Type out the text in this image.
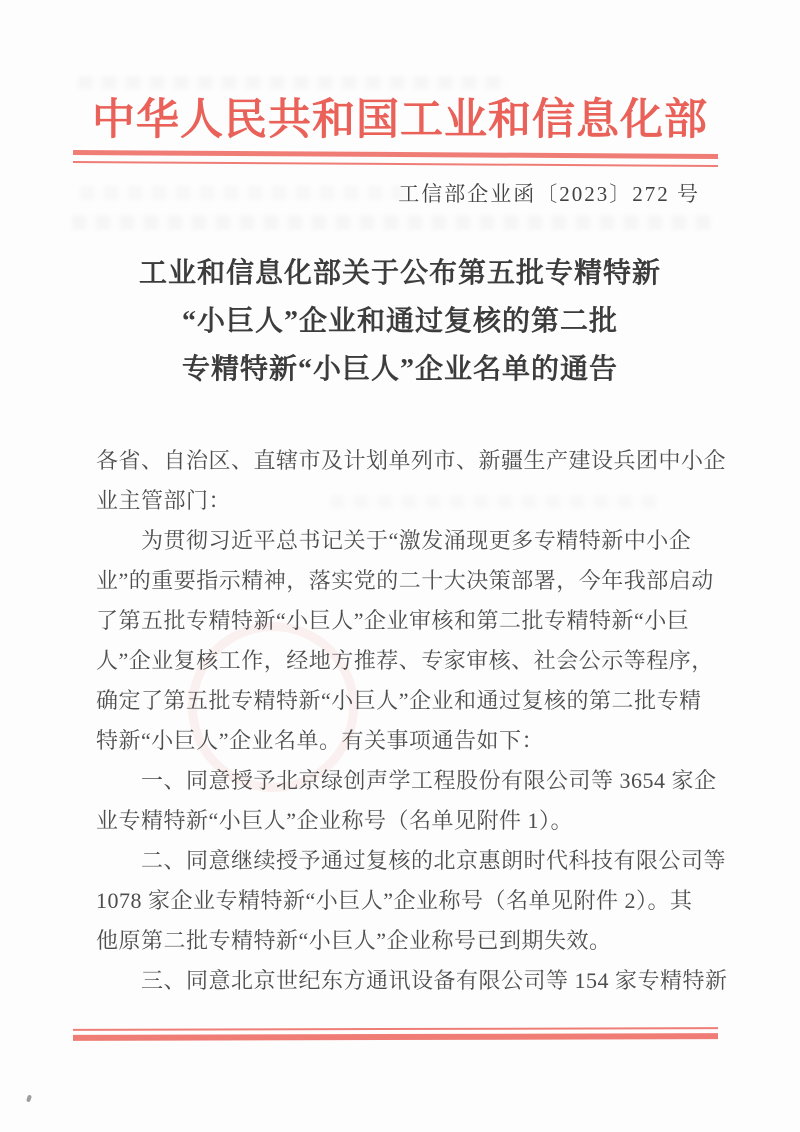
中华人民共和国工业和信息化部
工信部企业函〔2023〕272 号
工业和信息化部关于公布第五批专精特新
“小巨人”企业和通过复核的第二批
专精特新“小巨人”企业名单的通告
各省、自治区、直辖市及计划单列市、新疆生产建设兵团中小企
业主管部门：
为贯彻习近平总书记关于“激发涌现更多专精特新中小企
业”的重要指示精神，落实党的二十大决策部署，今年我部启动
了第五批专精特新“小巨人”企业审核和第二批专精特新“小巨
人”企业复核工作，经地方推荐、专家审核、社会公示等程序，
确定了第五批专精特新“小巨人”企业和通过复核的第二批专精
特新“小巨人”企业名单。有关事项通告如下：
一、同意授予北京绿创声学工程股份有限公司等 3654 家企
业专精特新“小巨人”企业称号（名单见附件 1）。
二、同意继续授予通过复核的北京惠朗时代科技有限公司等
1078 家企业专精特新“小巨人”企业称号（名单见附件 2）。其
他原第二批专精特新“小巨人”企业称号已到期失效。
三、同意北京世纪东方通讯设备有限公司等 154 家专精特新
